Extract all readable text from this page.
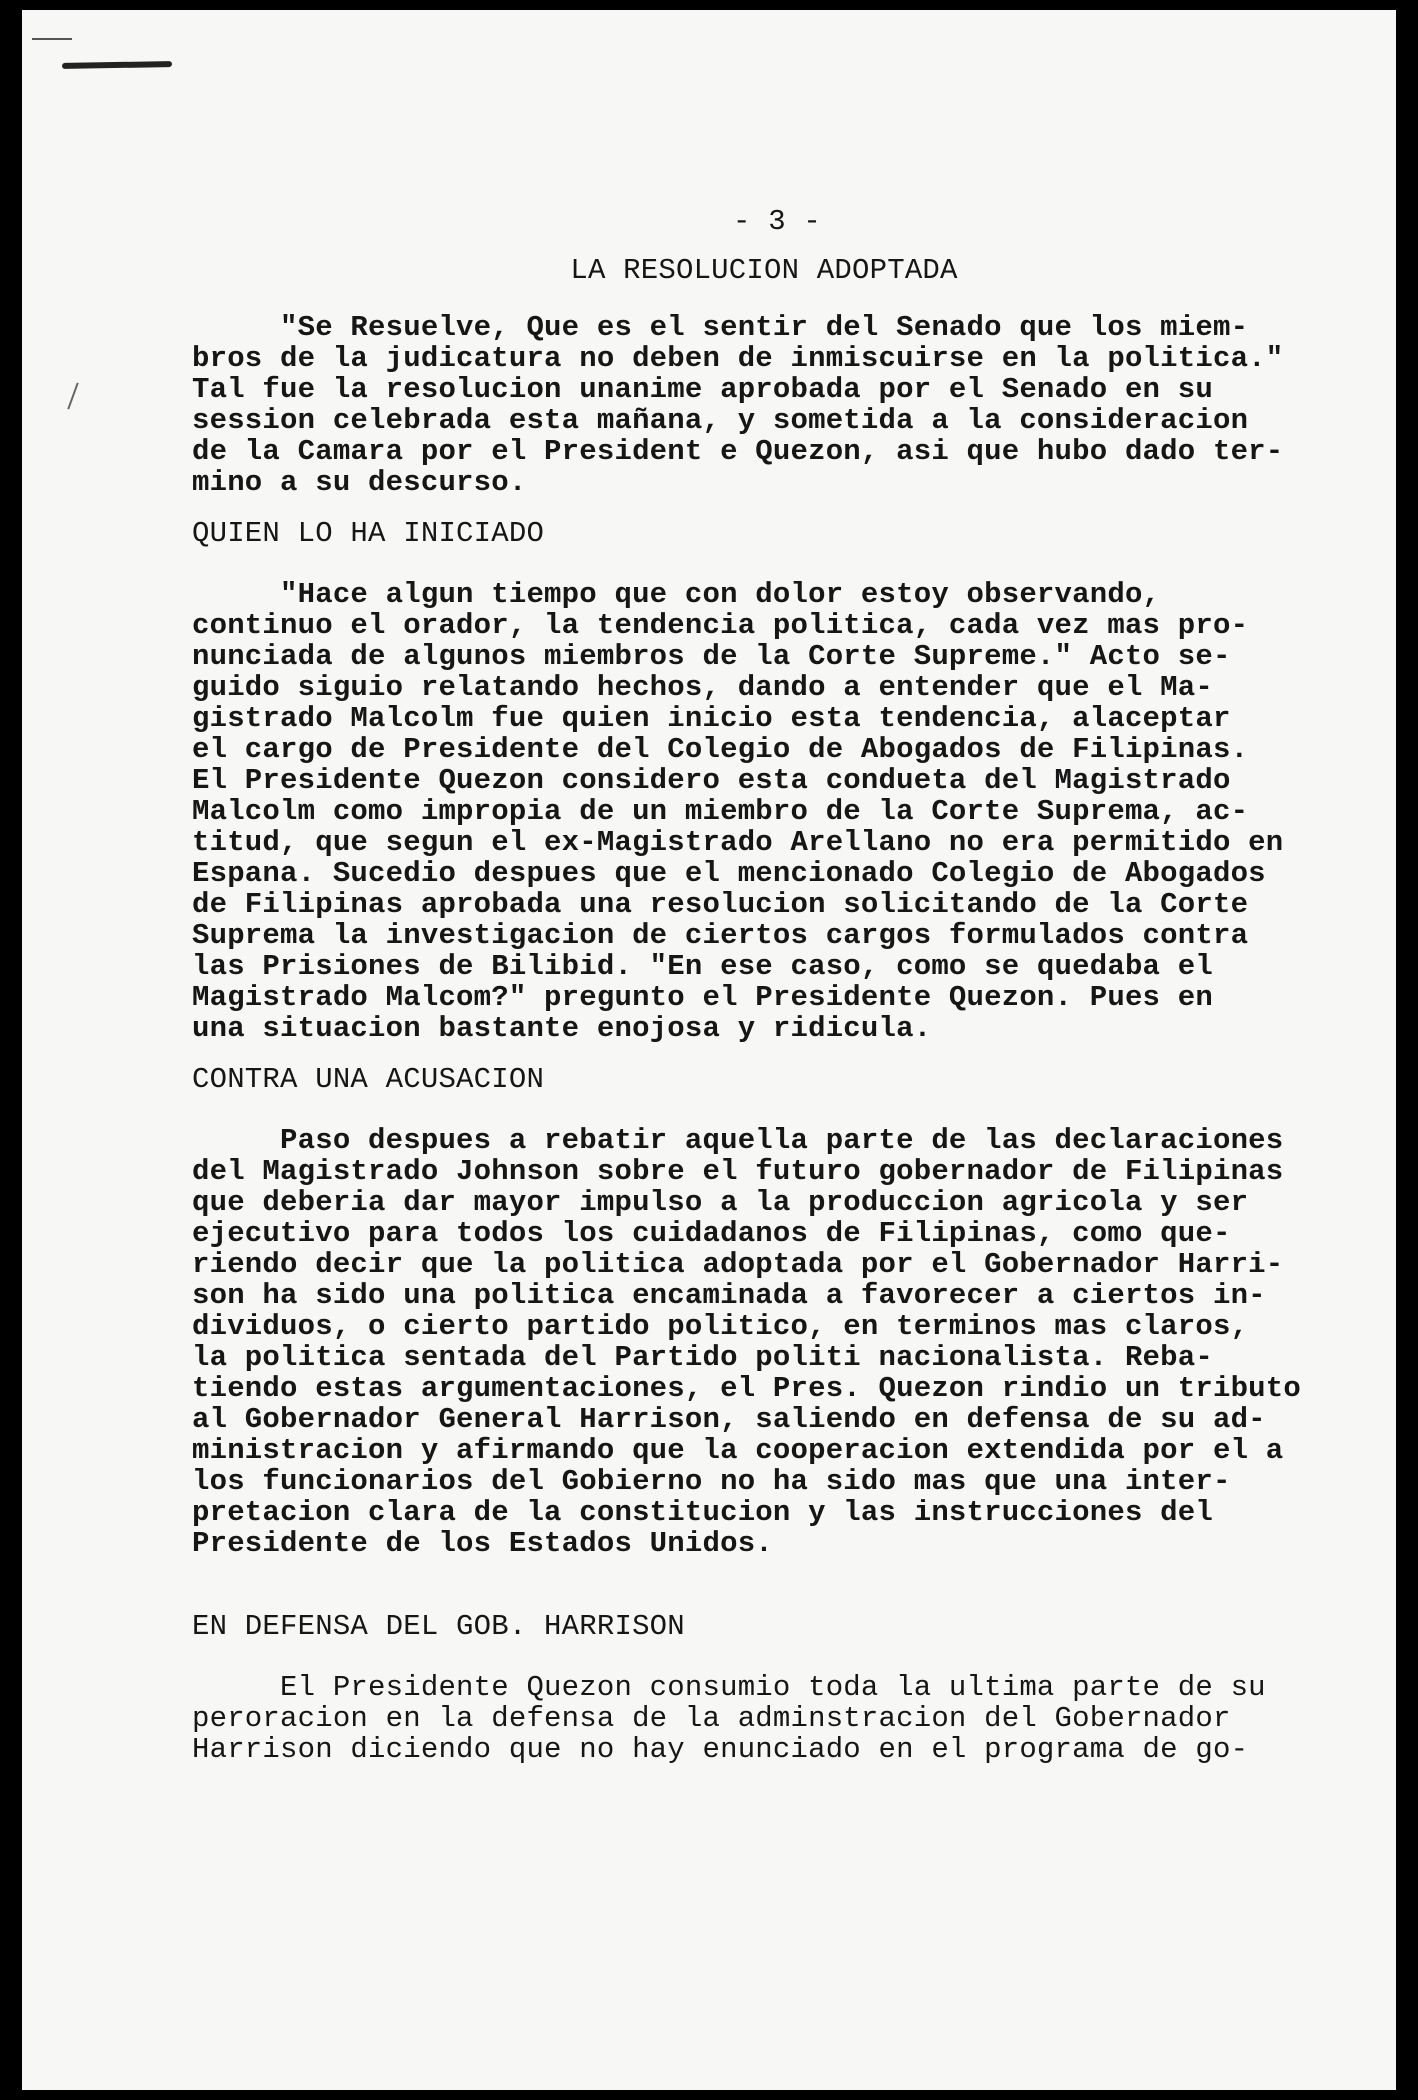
- 3 -
LA RESOLUCION ADOPTADA
"Se Resuelve, Que es el sentir del Senado que los miem-
bros de la judicatura no deben de inmiscuirse en la politica."
Tal fue la resolucion unanime aprobada por el Senado en su
session celebrada esta mañana, y sometida a la consideracion
de la Camara por el President e Quezon, asi que hubo dado ter-
mino a su descurso.
QUIEN LO HA INICIADO
"Hace algun tiempo que con dolor estoy observando,
continuo el orador, la tendencia politica, cada vez mas pro-
nunciada de algunos miembros de la Corte Supreme." Acto se-
guido siguio relatando hechos, dando a entender que el Ma-
gistrado Malcolm fue quien inicio esta tendencia, alaceptar
el cargo de Presidente del Colegio de Abogados de Filipinas.
El Presidente Quezon considero esta condueta del Magistrado
Malcolm como impropia de un miembro de la Corte Suprema, ac-
titud, que segun el ex-Magistrado Arellano no era permitido en
Espana. Sucedio despues que el mencionado Colegio de Abogados
de Filipinas aprobada una resolucion solicitando de la Corte
Suprema la investigacion de ciertos cargos formulados contra
las Prisiones de Bilibid. "En ese caso, como se quedaba el
Magistrado Malcom?" pregunto el Presidente Quezon. Pues en
una situacion bastante enojosa y ridicula.
CONTRA UNA ACUSACION
Paso despues a rebatir aquella parte de las declaraciones
del Magistrado Johnson sobre el futuro gobernador de Filipinas
que deberia dar mayor impulso a la produccion agricola y ser
ejecutivo para todos los cuidadanos de Filipinas, como que-
riendo decir que la politica adoptada por el Gobernador Harri-
son ha sido una politica encaminada a favorecer a ciertos in-
dividuos, o cierto partido politico, en terminos mas claros,
la politica sentada del Partido politi nacionalista. Reba-
tiendo estas argumentaciones, el Pres. Quezon rindio un tributo
al Gobernador General Harrison, saliendo en defensa de su ad-
ministracion y afirmando que la cooperacion extendida por el a
los funcionarios del Gobierno no ha sido mas que una inter-
pretacion clara de la constitucion y las instrucciones del
Presidente de los Estados Unidos.
EN DEFENSA DEL GOB. HARRISON
El Presidente Quezon consumio toda la ultima parte de su
peroracion en la defensa de la adminstracion del Gobernador
Harrison diciendo que no hay enunciado en el programa de go-
